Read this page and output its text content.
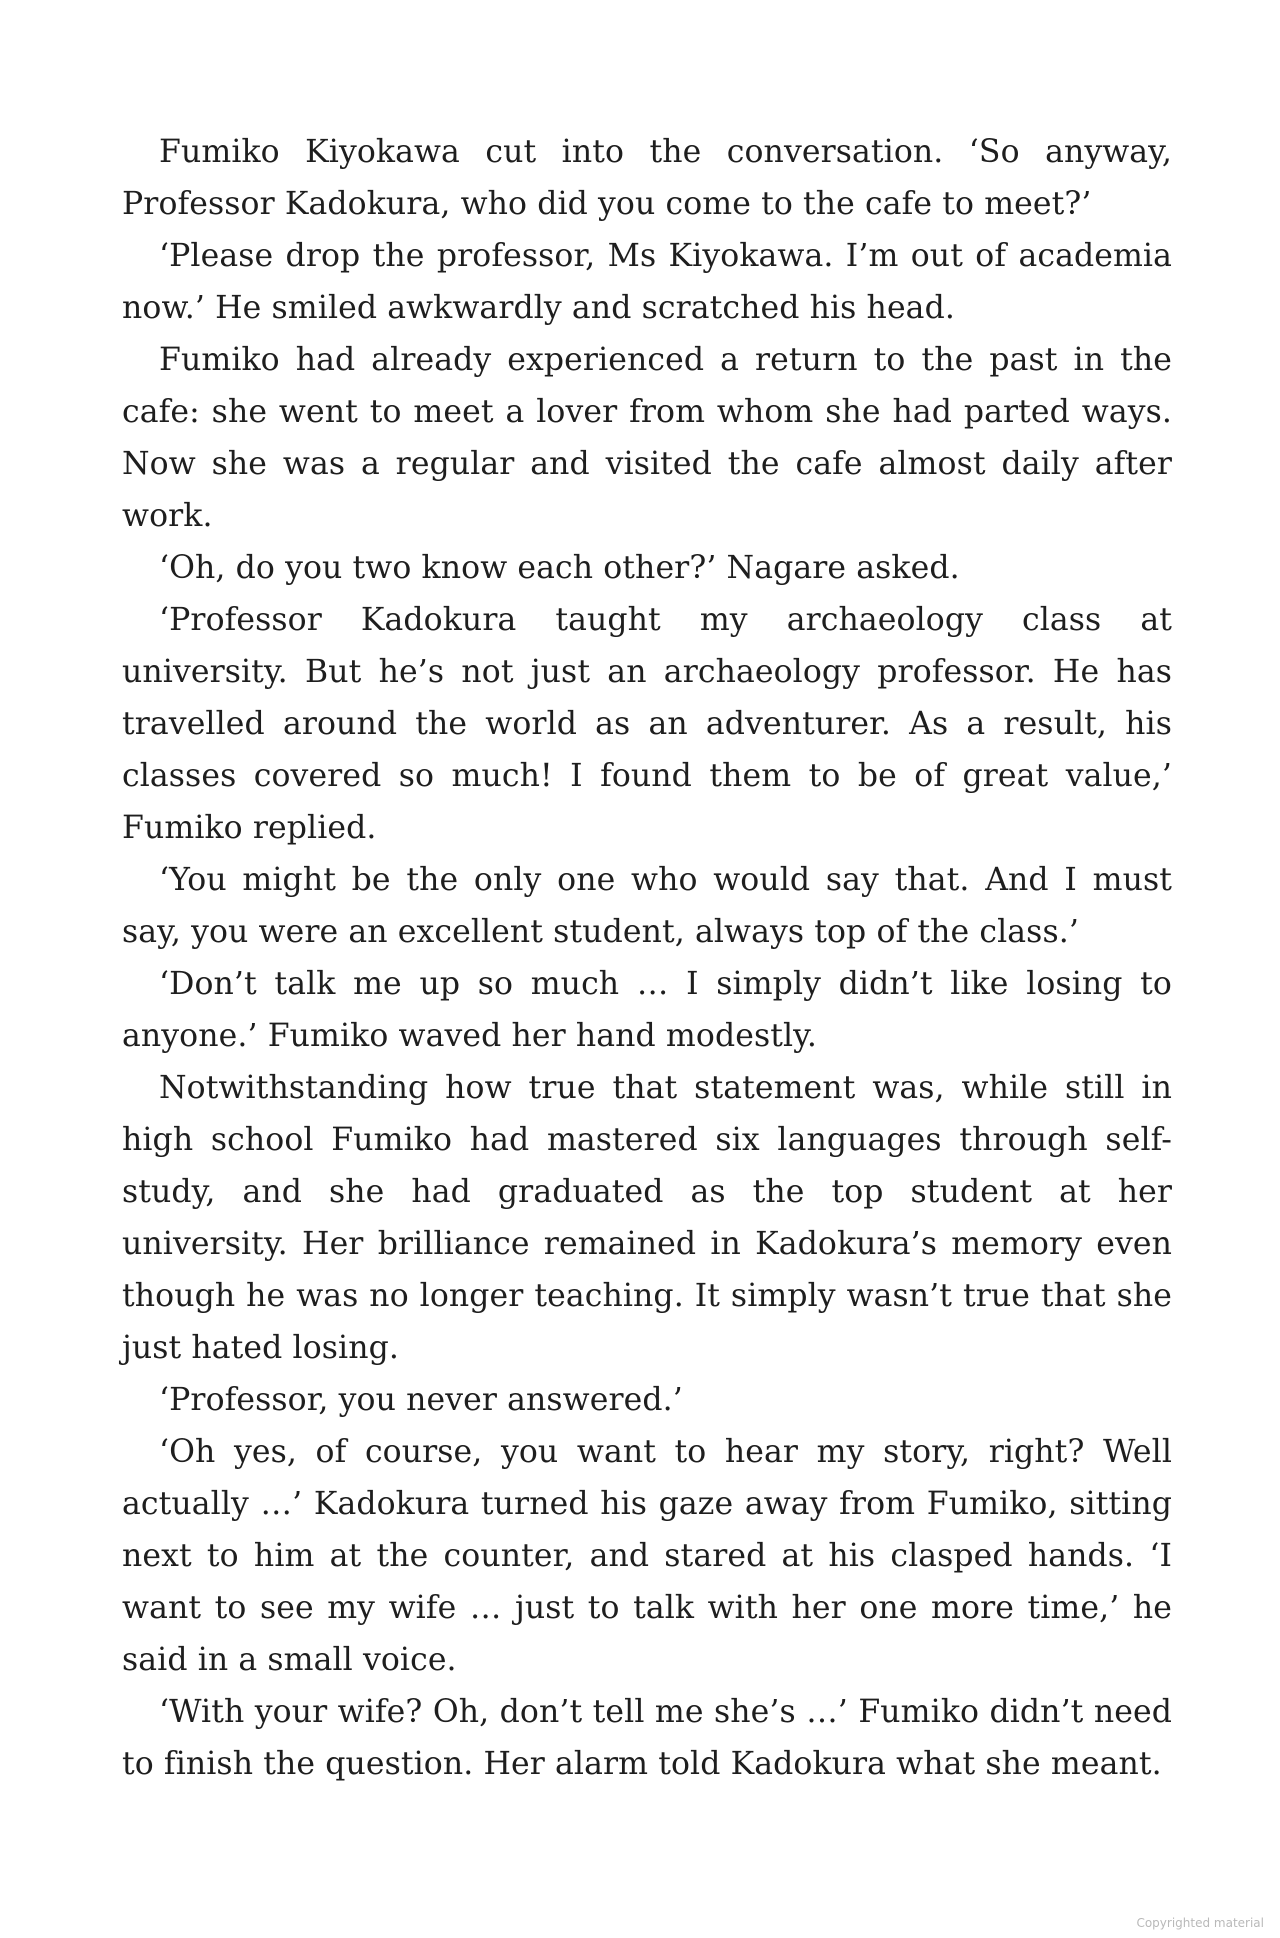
Fumiko Kiyokawa cut into the conversation. ‘So anyway, Professor Kadokura, who did you come to the cafe to meet?’

‘Please drop the professor, Ms Kiyokawa. I’m out of academia now.’ He smiled awkwardly and scratched his head.

Fumiko had already experienced a return to the past in the cafe: she went to meet a lover from whom she had parted ways. Now she was a regular and visited the cafe almost daily after work.

‘Oh, do you two know each other?’ Nagare asked.

‘Professor Kadokura taught my archaeology class at university. But he’s not just an archaeology professor. He has travelled around the world as an adventurer. As a result, his classes covered so much! I found them to be of great value,’ Fumiko replied.

‘You might be the only one who would say that. And I must say, you were an excellent student, always top of the class.’

‘Don’t talk me up so much … I simply didn’t like losing to anyone.’ Fumiko waved her hand modestly.

Notwithstanding how true that statement was, while still in high school Fumiko had mastered six languages through self-study, and she had graduated as the top student at her university. Her brilliance remained in Kadokura’s memory even though he was no longer teaching. It simply wasn’t true that she just hated losing.

‘Professor, you never answered.’

‘Oh yes, of course, you want to hear my story, right? Well actually …’ Kadokura turned his gaze away from Fumiko, sitting next to him at the counter, and stared at his clasped hands. ‘I want to see my wife … just to talk with her one more time,’ he said in a small voice.

‘With your wife? Oh, don’t tell me she’s …’ Fumiko didn’t need to finish the question. Her alarm told Kadokura what she meant.

Copyrighted material
